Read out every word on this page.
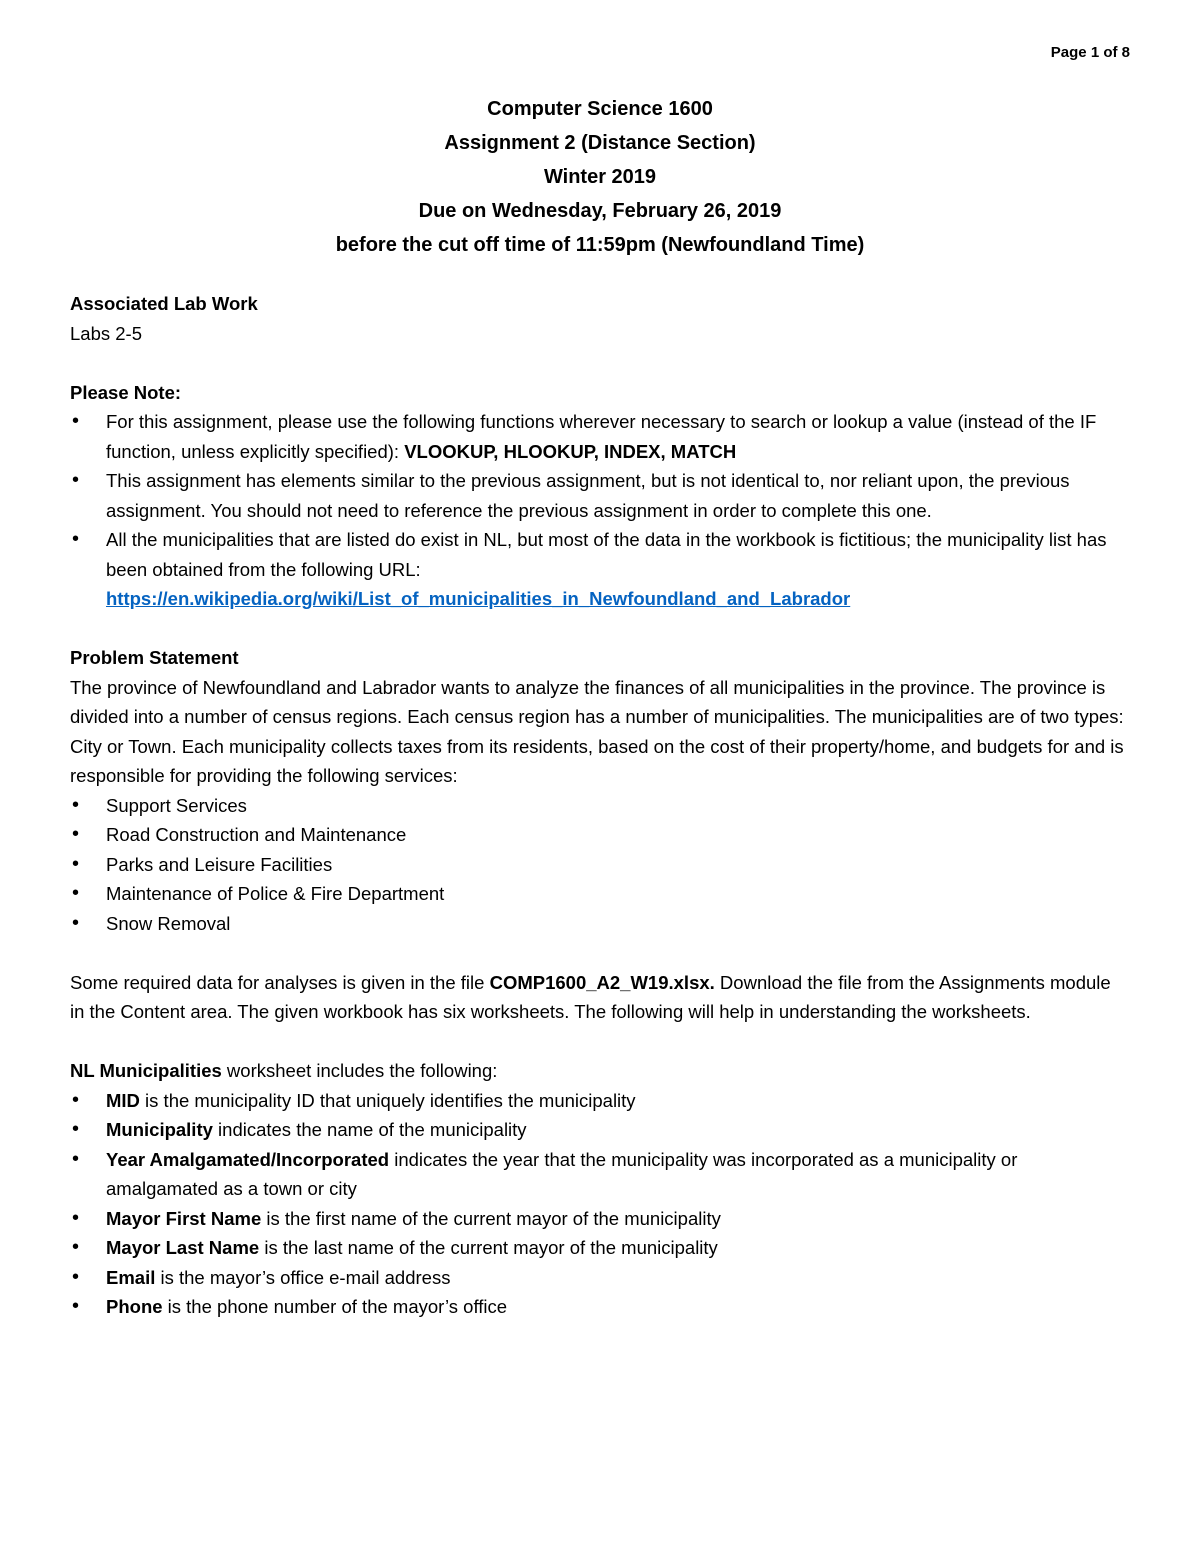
Page 1 of 8
Computer Science 1600
Assignment 2 (Distance Section)
Winter 2019
Due on Wednesday, February 26, 2019
before the cut off time of 11:59pm (Newfoundland Time)

Associated Lab Work

Labs 2-5

Please Note:

• For this assignment, please use the following functions wherever necessary to search or lookup a value (instead of the IF function, unless explicitly specified): VLOOKUP, HLOOKUP, INDEX, MATCH
• This assignment has elements similar to the previous assignment, but is not identical to, nor reliant upon, the previous assignment. You should not need to reference the previous assignment in order to complete this one.
• All the municipalities that are listed do exist in NL, but most of the data in the workbook is fictitious; the municipality list has been obtained from the following URL:
https://en.wikipedia.org/wiki/List_of_municipalities_in_Newfoundland_and_Labrador

Problem Statement

The province of Newfoundland and Labrador wants to analyze the finances of all municipalities in the province. The province is divided into a number of census regions. Each census region has a number of municipalities. The municipalities are of two types: City or Town. Each municipality collects taxes from its residents, based on the cost of their property/home, and budgets for and is responsible for providing the following services:

• Support Services
• Road Construction and Maintenance
• Parks and Leisure Facilities
• Maintenance of Police & Fire Department
• Snow Removal

Some required data for analyses is given in the file COMP1600_A2_W19.xlsx. Download the file from the Assignments module in the Content area. The given workbook has six worksheets. The following will help in understanding the worksheets.

NL Municipalities worksheet includes the following:

• MID is the municipality ID that uniquely identifies the municipality
• Municipality indicates the name of the municipality
• Year Amalgamated/Incorporated indicates the year that the municipality was incorporated as a municipality or amalgamated as a town or city
• Mayor First Name is the first name of the current mayor of the municipality
• Mayor Last Name is the last name of the current mayor of the municipality
• Email is the mayor’s office e-mail address
• Phone is the phone number of the mayor’s office
